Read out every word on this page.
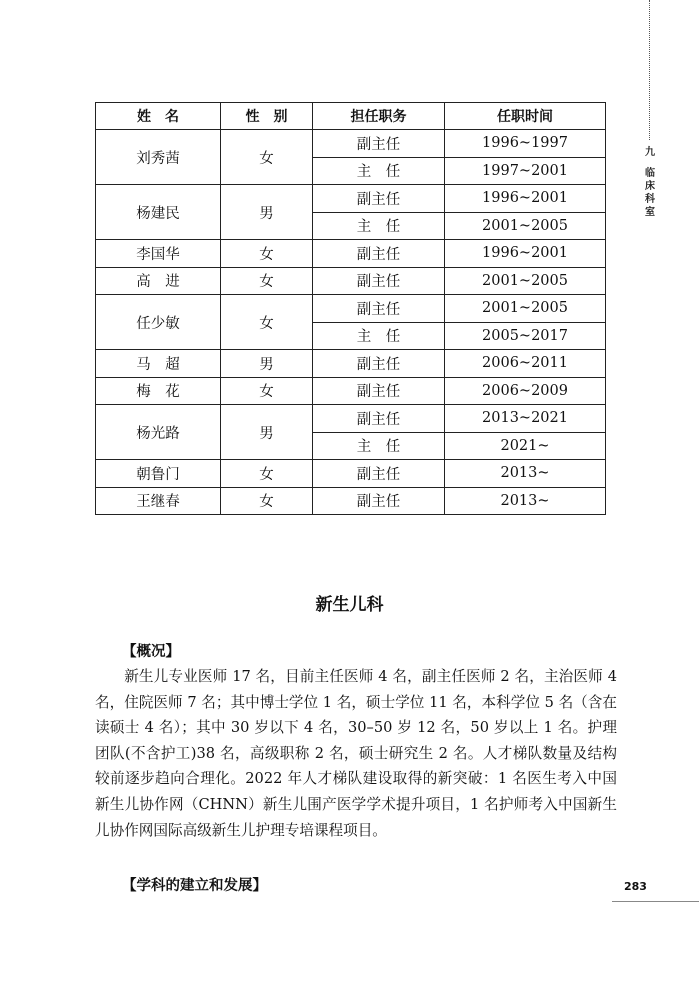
九
临
床
科
室
姓　名	性　别	担任职务	任职时间
刘秀茜	女	副主任	1996~1997
		主　任	1997~2001
杨建民	男	副主任	1996~2001
		主　任	2001~2005
李国华	女	副主任	1996~2001
高　进	女	副主任	2001~2005
任少敏	女	副主任	2001~2005
		主　任	2005~2017
马　超	男	副主任	2006~2011
梅　花	女	副主任	2006~2009
杨光路	男	副主任	2013~2021
		主　任	2021~
朝鲁门	女	副主任	2013~
王继春	女	副主任	2013~
新生儿科
【概况】

新生儿专业医师 17 名，目前主任医师 4 名，副主任医师 2 名，主治医师 4 名，住院医师 7 名；其中博士学位 1 名，硕士学位 11 名，本科学位 5 名（含在读硕士 4 名）；其中 30 岁以下 4 名，30–50 岁 12 名，50 岁以上 1 名。护理团队(不含护工)38 名，高级职称 2 名，硕士研究生 2 名。人才梯队数量及结构较前逐步趋向合理化。2022 年人才梯队建设取得的新突破：1 名医生考入中国新生儿协作网（CHNN）新生儿围产医学学术提升项目，1 名护师考入中国新生儿协作网国际高级新生儿护理专培课程项目。

【学科的建立和发展】	283
